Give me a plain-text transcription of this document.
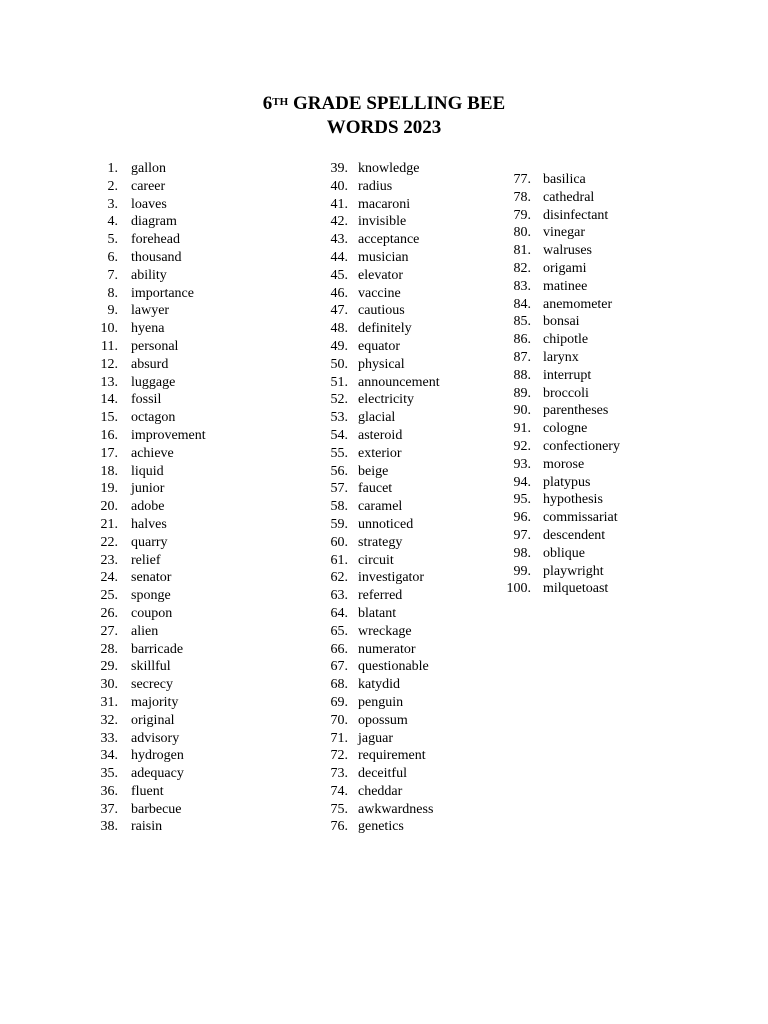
6TH GRADE SPELLING BEE
WORDS 2023
1. gallon
2. career
3. loaves
4. diagram
5. forehead
6. thousand
7. ability
8. importance
9. lawyer
10. hyena
11. personal
12. absurd
13. luggage
14. fossil
15. octagon
16. improvement
17. achieve
18. liquid
19. junior
20. adobe
21. halves
22. quarry
23. relief
24. senator
25. sponge
26. coupon
27. alien
28. barricade
29. skillful
30. secrecy
31. majority
32. original
33. advisory
34. hydrogen
35. adequacy
36. fluent
37. barbecue
38. raisin
39. knowledge
40. radius
41. macaroni
42. invisible
43. acceptance
44. musician
45. elevator
46. vaccine
47. cautious
48. definitely
49. equator
50. physical
51. announcement
52. electricity
53. glacial
54. asteroid
55. exterior
56. beige
57. faucet
58. caramel
59. unnoticed
60. strategy
61. circuit
62. investigator
63. referred
64. blatant
65. wreckage
66. numerator
67. questionable
68. katydid
69. penguin
70. opossum
71. jaguar
72. requirement
73. deceitful
74. cheddar
75. awkwardness
76. genetics
77. basilica
78. cathedral
79. disinfectant
80. vinegar
81. walruses
82. origami
83. matinee
84. anemometer
85. bonsai
86. chipotle
87. larynx
88. interrupt
89. broccoli
90. parentheses
91. cologne
92. confectionery
93. morose
94. platypus
95. hypothesis
96. commissariat
97. descendent
98. oblique
99. playwright
100. milquetoast
